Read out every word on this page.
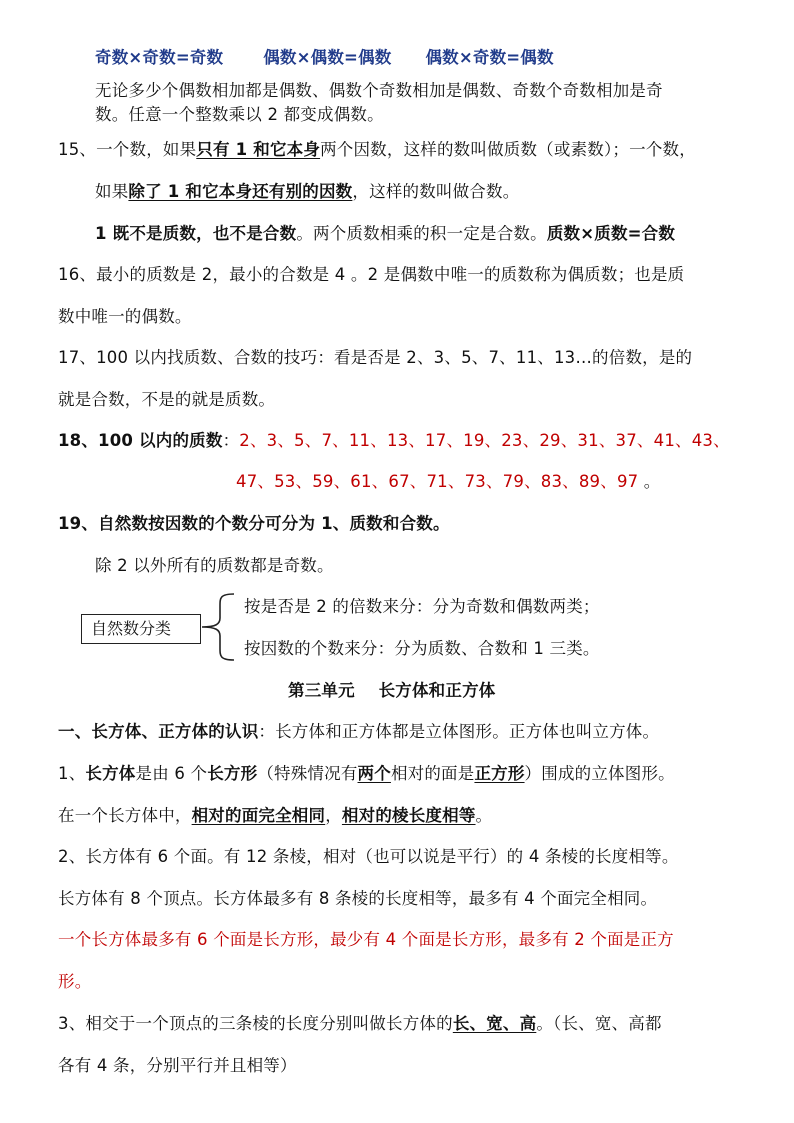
奇数×奇数=奇数 偶数×偶数=偶数 偶数×奇数=偶数
无论多少个偶数相加都是偶数、偶数个奇数相加是偶数、奇数个奇数相加是奇
数。任意一个整数乘以 2 都变成偶数。
15、一个数，如果只有 1 和它本身两个因数，这样的数叫做质数（或素数）；一个数，
如果除了 1 和它本身还有别的因数，这样的数叫做合数。
1 既不是质数，也不是合数。两个质数相乘的积一定是合数。质数×质数=合数
16、最小的质数是 2，最小的合数是 4 。2 是偶数中唯一的质数称为偶质数；也是质
数中唯一的偶数。
17、100 以内找质数、合数的技巧：看是否是 2、3、5、7、11、13…的倍数，是的
就是合数，不是的就是质数。
18、100 以内的质数：2、3、5、7、11、13、17、19、23、29、31、37、41、43、
47、53、59、61、67、71、73、79、83、89、97 。
19、自然数按因数的个数分可分为 1、质数和合数。
除 2 以外所有的质数都是奇数。
自然数分类
按是否是 2 的倍数来分：分为奇数和偶数两类；
按因数的个数来分：分为质数、合数和 1 三类。
第三单元    长方体和正方体
一、长方体、正方体的认识：长方体和正方体都是立体图形。正方体也叫立方体。
1、长方体是由 6 个长方形（特殊情况有两个相对的面是正方形）围成的立体图形。
在一个长方体中，相对的面完全相同，相对的棱长度相等。
2、长方体有 6 个面。有 12 条棱，相对（也可以说是平行）的 4 条棱的长度相等。
长方体有 8 个顶点。长方体最多有 8 条棱的长度相等，最多有 4 个面完全相同。
一个长方体最多有 6 个面是长方形，最少有 4 个面是长方形，最多有 2 个面是正方
形。
3、相交于一个顶点的三条棱的长度分别叫做长方体的长、宽、高。（长、宽、高都
各有 4 条，分别平行并且相等）
